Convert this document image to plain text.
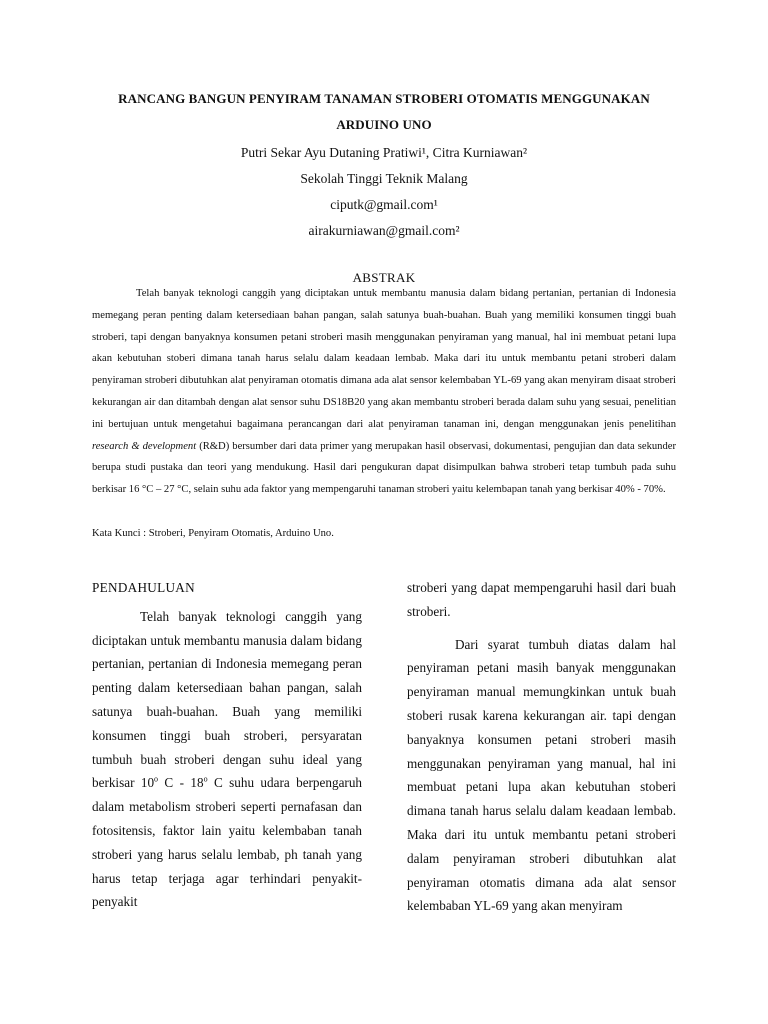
RANCANG BANGUN PENYIRAM TANAMAN STROBERI OTOMATIS MENGGUNAKAN
ARDUINO UNO
Putri Sekar Ayu Dutaning Pratiwi¹, Citra Kurniawan²
Sekolah Tinggi Teknik Malang
ciputk@gmail.com¹
airakurniawan@gmail.com²
ABSTRAK
Telah banyak teknologi canggih yang diciptakan untuk membantu manusia dalam bidang pertanian, pertanian di Indonesia memegang peran penting dalam ketersediaan bahan pangan, salah satunya buah-buahan. Buah yang memiliki konsumen tinggi buah stroberi, tapi dengan banyaknya konsumen petani stroberi masih menggunakan penyiraman yang manual, hal ini membuat petani lupa akan kebutuhan stoberi dimana tanah harus selalu dalam keadaan lembab. Maka dari itu untuk membantu petani stroberi dalam penyiraman stroberi dibutuhkan alat penyiraman otomatis dimana ada alat sensor kelembaban YL-69 yang akan menyiram disaat stroberi kekurangan air dan ditambah dengan alat sensor suhu DS18B20 yang akan membantu stroberi berada dalam suhu yang sesuai, penelitian ini bertujuan untuk mengetahui bagaimana perancangan dari alat penyiraman tanaman ini, dengan menggunakan jenis penelitihan research & development (R&D) bersumber dari data primer yang merupakan hasil observasi, dokumentasi, pengujian dan data sekunder berupa studi pustaka dan teori yang mendukung. Hasil dari pengukuran dapat disimpulkan bahwa stroberi tetap tumbuh pada suhu berkisar 16 °C – 27 °C, selain suhu ada faktor yang mempengaruhi tanaman stroberi yaitu kelembapan tanah yang berkisar 40% - 70%.
Kata Kunci : Stroberi, Penyiram Otomatis, Arduino Uno.
PENDAHULUAN

Telah banyak teknologi canggih yang diciptakan untuk membantu manusia dalam bidang pertanian, pertanian di Indonesia memegang peran penting dalam ketersediaan bahan pangan, salah satunya buah-buahan. Buah yang memiliki konsumen tinggi buah stroberi, persyaratan tumbuh buah stroberi dengan suhu ideal yang berkisar 10$^o$ C - 18$^o$ C suhu udara berpengaruh dalam metabolism stroberi seperti pernafasan dan fotositensis, faktor lain yaitu kelembaban tanah stroberi yang harus selalu lembab, ph tanah yang harus tetap terjaga agar terhindari penyakit-penyakit

stroberi yang dapat mempengaruhi hasil dari buah stroberi.

Dari syarat tumbuh diatas dalam hal penyiraman petani masih banyak menggunakan penyiraman manual memungkinkan untuk buah stoberi rusak karena kekurangan air. tapi dengan banyaknya konsumen petani stroberi masih menggunakan penyiraman yang manual, hal ini membuat petani lupa akan kebutuhan stoberi dimana tanah harus selalu dalam keadaan lembab. Maka dari itu untuk membantu petani stroberi dalam penyiraman stroberi dibutuhkan alat penyiraman otomatis dimana ada alat sensor kelembaban YL-69 yang akan menyiram
